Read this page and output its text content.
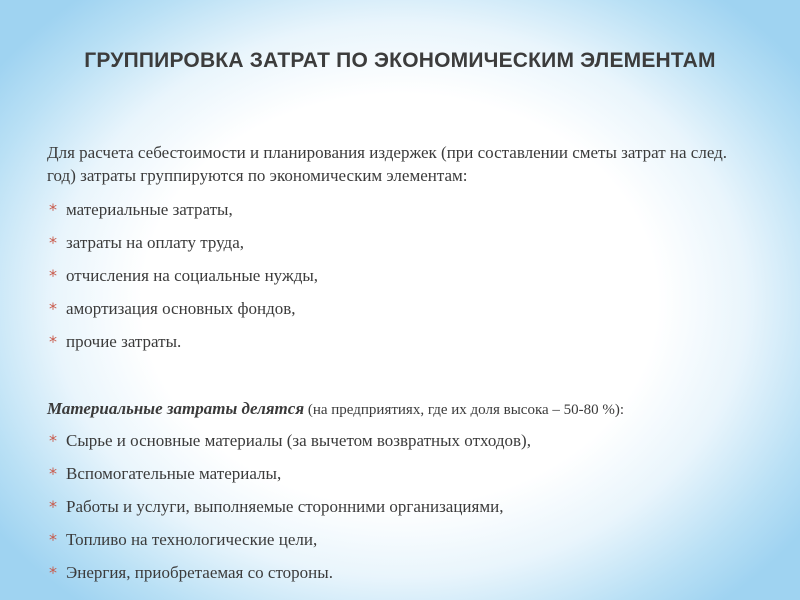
ГРУППИРОВКА ЗАТРАТ ПО ЭКОНОМИЧЕСКИМ ЭЛЕМЕНТАМ
Для расчета себестоимости и планирования издержек (при составлении сметы затрат на след. год) затраты группируются по экономическим элементам:
* материальные затраты,
* затраты на оплату труда,
* отчисления на социальные нужды,
* амортизация основных фондов,
* прочие затраты.
Материальные затраты делятся (на предприятиях, где их доля высока – 50-80 %):
* Сырье и основные материалы (за вычетом возвратных отходов),
* Вспомогательные материалы,
* Работы и услуги, выполняемые сторонними организациями,
* Топливо на технологические цели,
* Энергия, приобретаемая со стороны.
